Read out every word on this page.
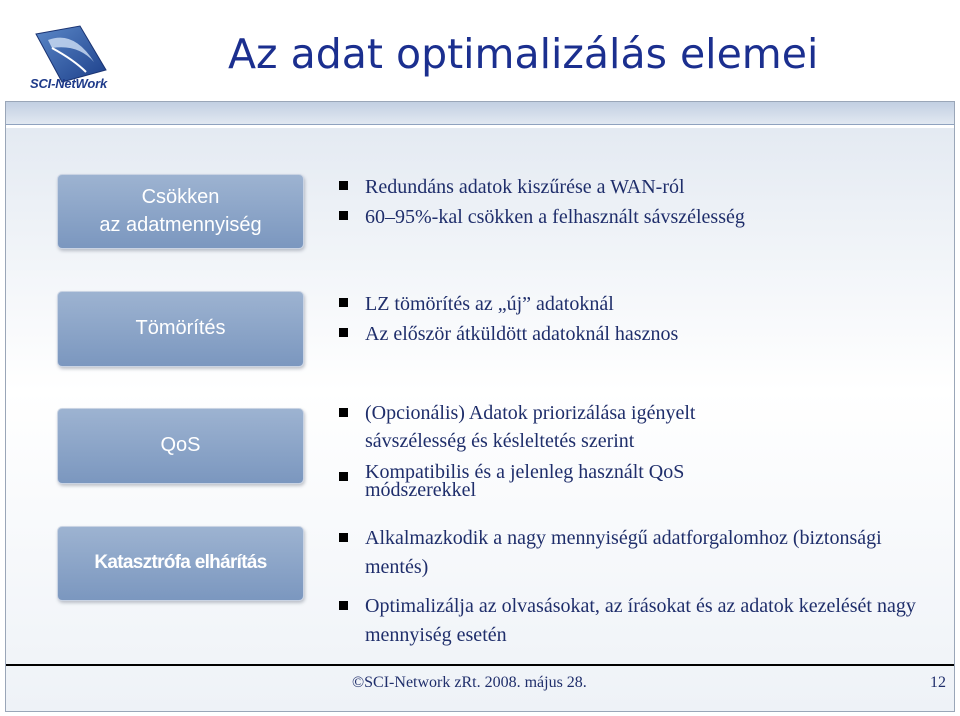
SCI-NetWork
Az adat optimalizálás elemei
Csökken
az adatmennyiség
Tömörítés
QoS
Katasztrófa elhárítás
Redundáns adatok kiszűrése a WAN-ról
60–95%-kal csökken a felhasznált sávszélesség
LZ tömörítés az „új” adatoknál
Az először átküldött adatoknál hasznos
(Opcionális) Adatok priorizálása igényelt sávszélesség és késleltetés szerint
Kompatibilis és a jelenleg használt QoS módszerekkel
Alkalmazkodik a nagy mennyiségű adatforgalomhoz (biztonsági mentés)
Optimalizálja az olvasásokat, az írásokat és az adatok kezelését nagy mennyiség esetén
©SCI-Network zRt. 2008. május 28.	12
